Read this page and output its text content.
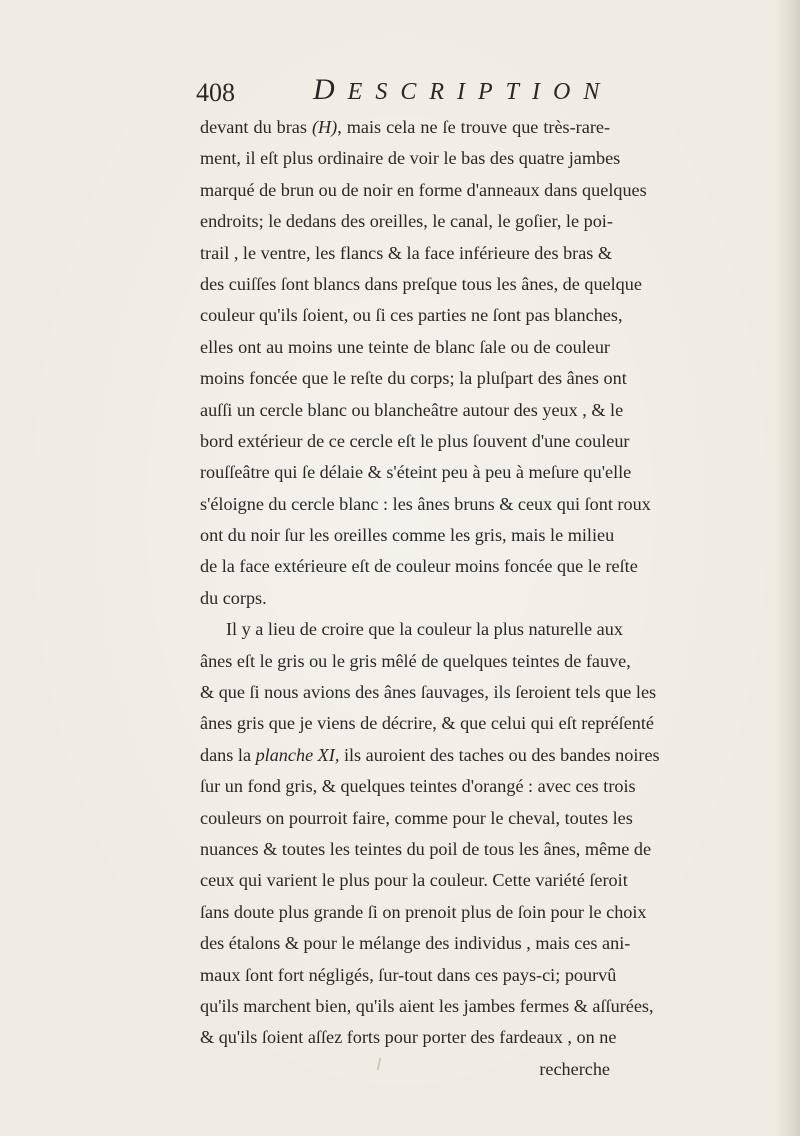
408	DESCRIPTION
devant du bras (H), mais cela ne ſe trouve que très-rare-
ment, il eſt plus ordinaire de voir le bas des quatre jambes
marqué de brun ou de noir en forme d'anneaux dans quelques
endroits; le dedans des oreilles, le canal, le goſier, le poi-
trail , le ventre, les flancs & la face inférieure des bras &
des cuiſſes ſont blancs dans preſque tous les ânes, de quelque
couleur qu'ils ſoient, ou ſi ces parties ne ſont pas blanches,
elles ont au moins une teinte de blanc ſale ou de couleur
moins foncée que le reſte du corps; la pluſpart des ânes ont
auſſi un cercle blanc ou blancheâtre autour des yeux , & le
bord extérieur de ce cercle eſt le plus ſouvent d'une couleur
rouſſeâtre qui ſe délaie & s'éteint peu à peu à meſure qu'elle
s'éloigne du cercle blanc : les ânes bruns & ceux qui ſont roux
ont du noir ſur les oreilles comme les gris, mais le milieu
de la face extérieure eſt de couleur moins foncée que le reſte
du corps.
Il y a lieu de croire que la couleur la plus naturelle aux
ânes eſt le gris ou le gris mêlé de quelques teintes de fauve,
& que ſi nous avions des ânes ſauvages, ils ſeroient tels que les
ânes gris que je viens de décrire, & que celui qui eſt repréſenté
dans la planche XI, ils auroient des taches ou des bandes noires
ſur un fond gris, & quelques teintes d'orangé : avec ces trois
couleurs on pourroit faire, comme pour le cheval, toutes les
nuances & toutes les teintes du poil de tous les ânes, même de
ceux qui varient le plus pour la couleur. Cette variété ſeroit
ſans doute plus grande ſi on prenoit plus de ſoin pour le choix
des étalons & pour le mélange des individus , mais ces ani-
maux ſont fort négligés, ſur-tout dans ces pays-ci; pourvû
qu'ils marchent bien, qu'ils aient les jambes fermes & aſſurées,
& qu'ils ſoient aſſez forts pour porter des fardeaux , on ne
recherche
